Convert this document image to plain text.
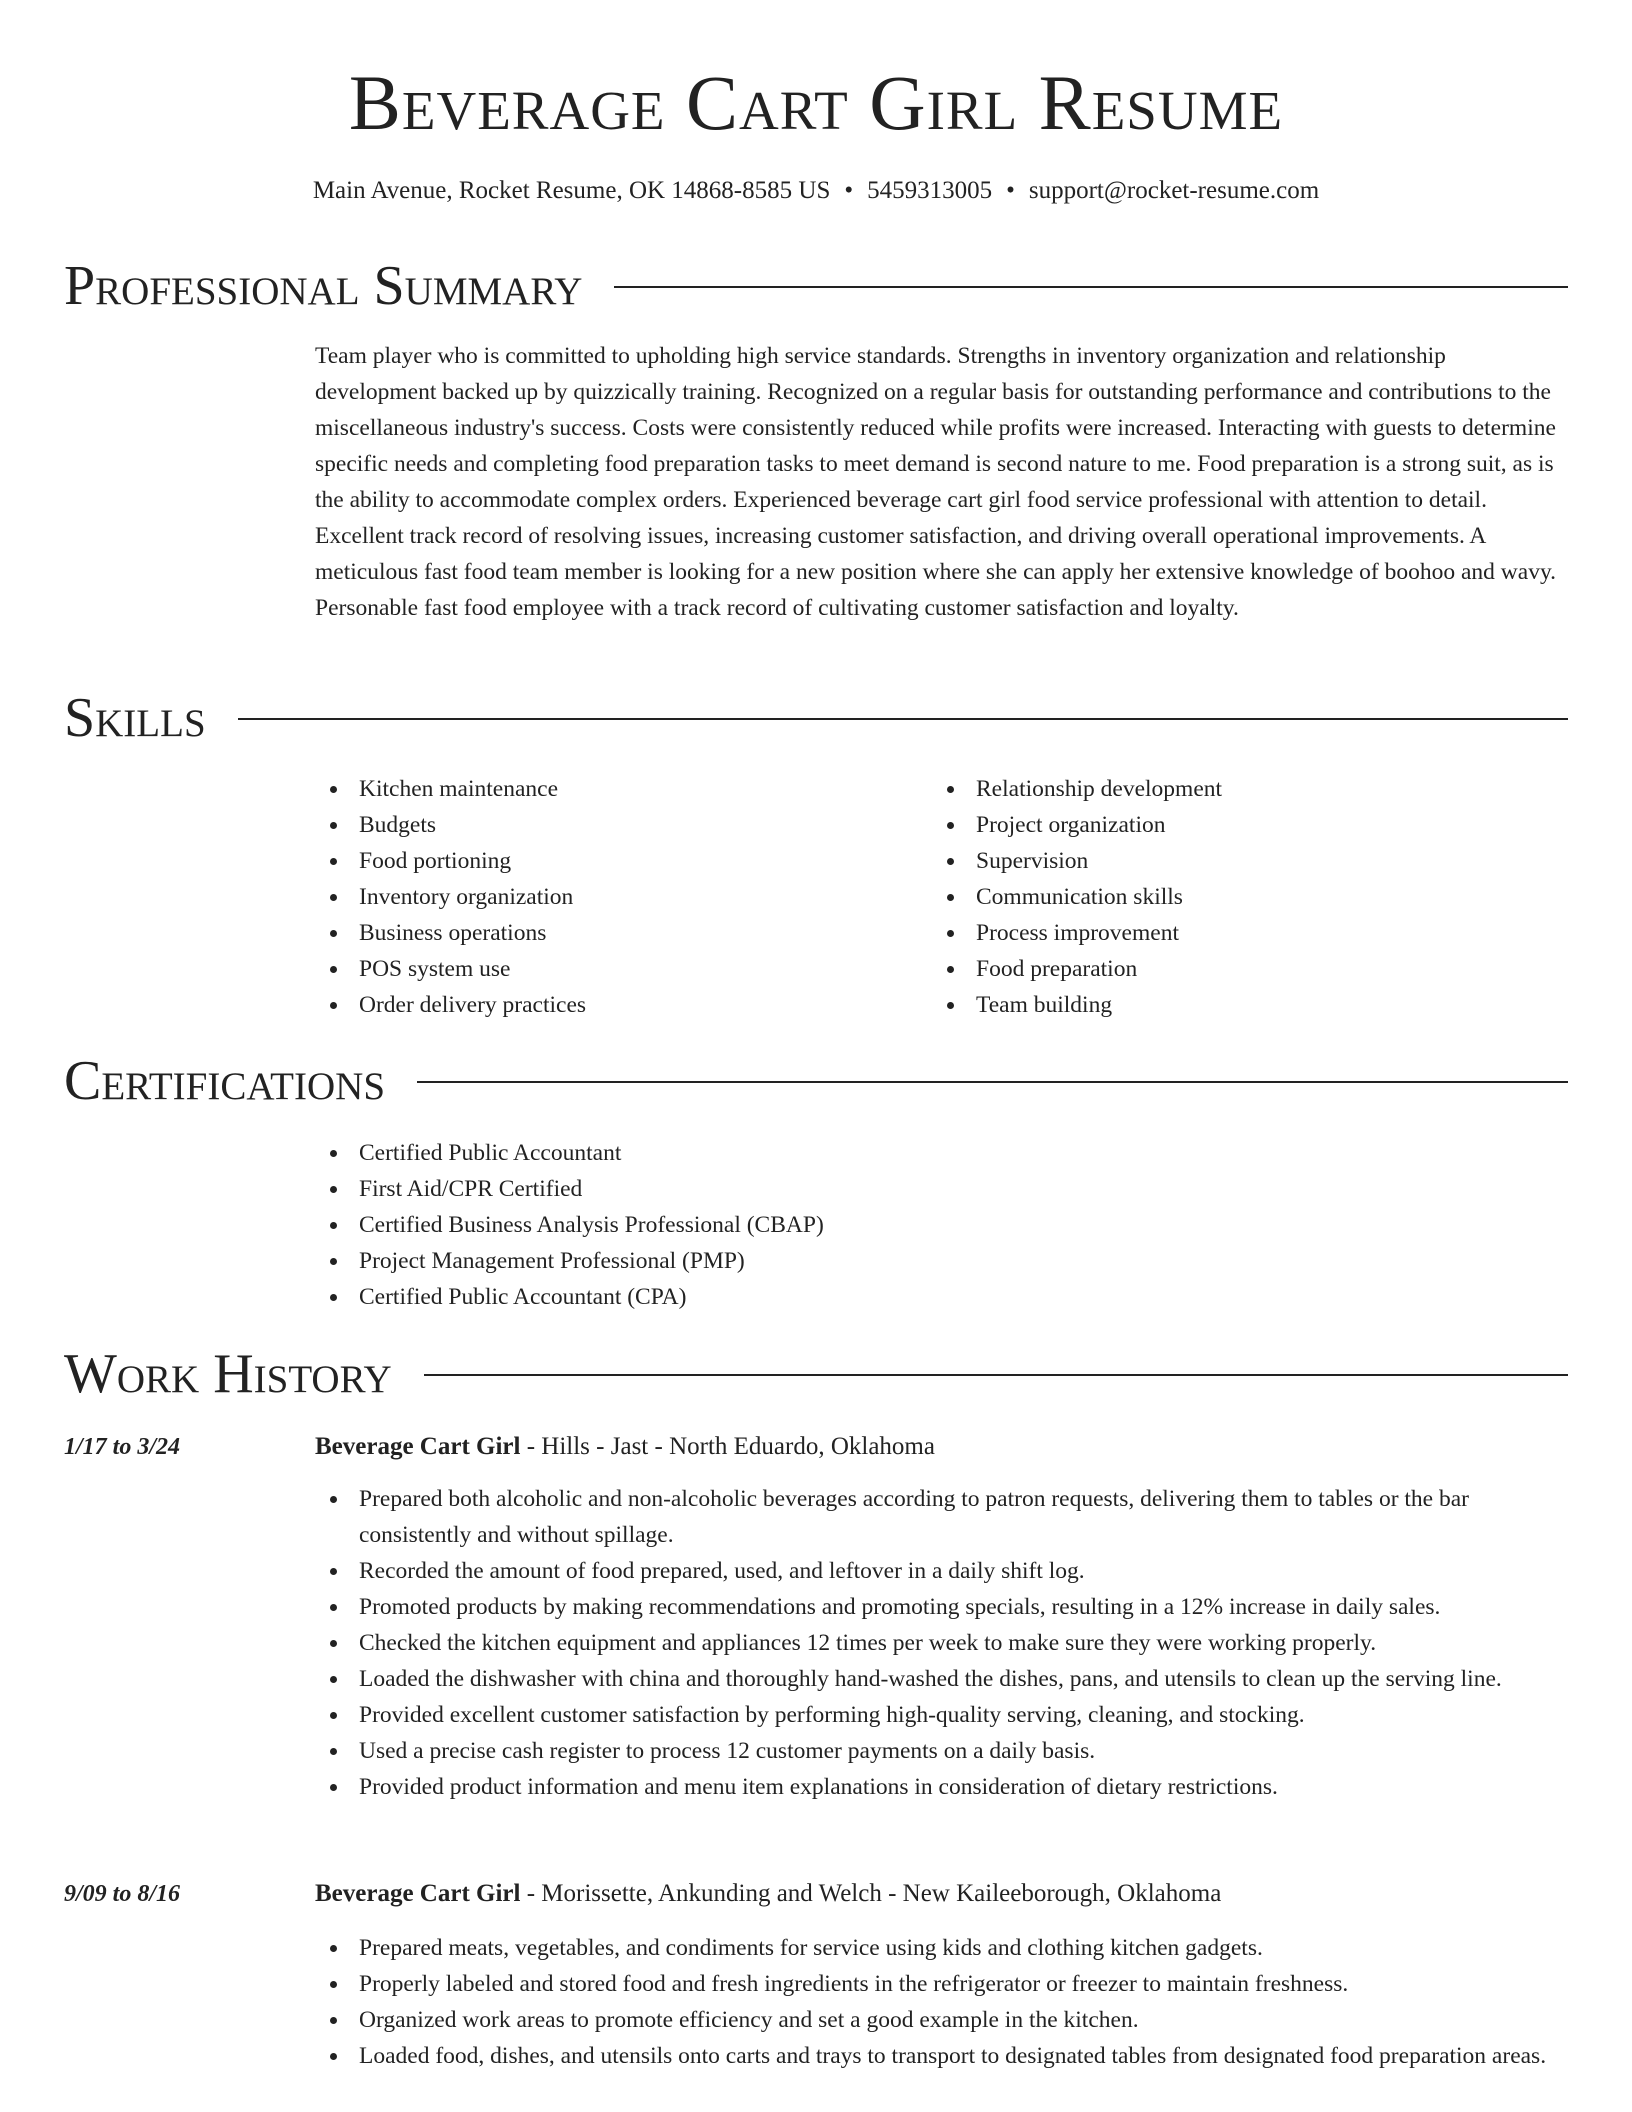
Beverage Cart Girl Resume
Main Avenue, Rocket Resume, OK 14868-8585 US • 5459313005 • support@rocket-resume.com
Professional Summary

Team player who is committed to upholding high service standards. Strengths in inventory organization and relationship development backed up by quizzically training. Recognized on a regular basis for outstanding performance and contributions to the miscellaneous industry's success. Costs were consistently reduced while profits were increased. Interacting with guests to determine specific needs and completing food preparation tasks to meet demand is second nature to me. Food preparation is a strong suit, as is the ability to accommodate complex orders. Experienced beverage cart girl food service professional with attention to detail. Excellent track record of resolving issues, increasing customer satisfaction, and driving overall operational improvements. A meticulous fast food team member is looking for a new position where she can apply her extensive knowledge of boohoo and wavy. Personable fast food employee with a track record of cultivating customer satisfaction and loyalty.

Skills
Kitchen maintenance
Budgets
Food portioning
Inventory organization
Business operations
POS system use
Order delivery practices
Relationship development
Project organization
Supervision
Communication skills
Process improvement
Food preparation
Team building
Certifications
Certified Public Accountant
First Aid/CPR Certified
Certified Business Analysis Professional (CBAP)
Project Management Professional (PMP)
Certified Public Accountant (CPA)
Work History
1/17 to 3/24	Beverage Cart Girl - Hills - Jast - North Eduardo, Oklahoma
Prepared both alcoholic and non-alcoholic beverages according to patron requests, delivering them to tables or the bar consistently and without spillage.
Recorded the amount of food prepared, used, and leftover in a daily shift log.
Promoted products by making recommendations and promoting specials, resulting in a 12% increase in daily sales.
Checked the kitchen equipment and appliances 12 times per week to make sure they were working properly.
Loaded the dishwasher with china and thoroughly hand-washed the dishes, pans, and utensils to clean up the serving line.
Provided excellent customer satisfaction by performing high-quality serving, cleaning, and stocking.
Used a precise cash register to process 12 customer payments on a daily basis.
Provided product information and menu item explanations in consideration of dietary restrictions.
9/09 to 8/16	Beverage Cart Girl - Morissette, Ankunding and Welch - New Kaileeborough, Oklahoma
Prepared meats, vegetables, and condiments for service using kids and clothing kitchen gadgets.
Properly labeled and stored food and fresh ingredients in the refrigerator or freezer to maintain freshness.
Organized work areas to promote efficiency and set a good example in the kitchen.
Loaded food, dishes, and utensils onto carts and trays to transport to designated tables from designated food preparation areas.
